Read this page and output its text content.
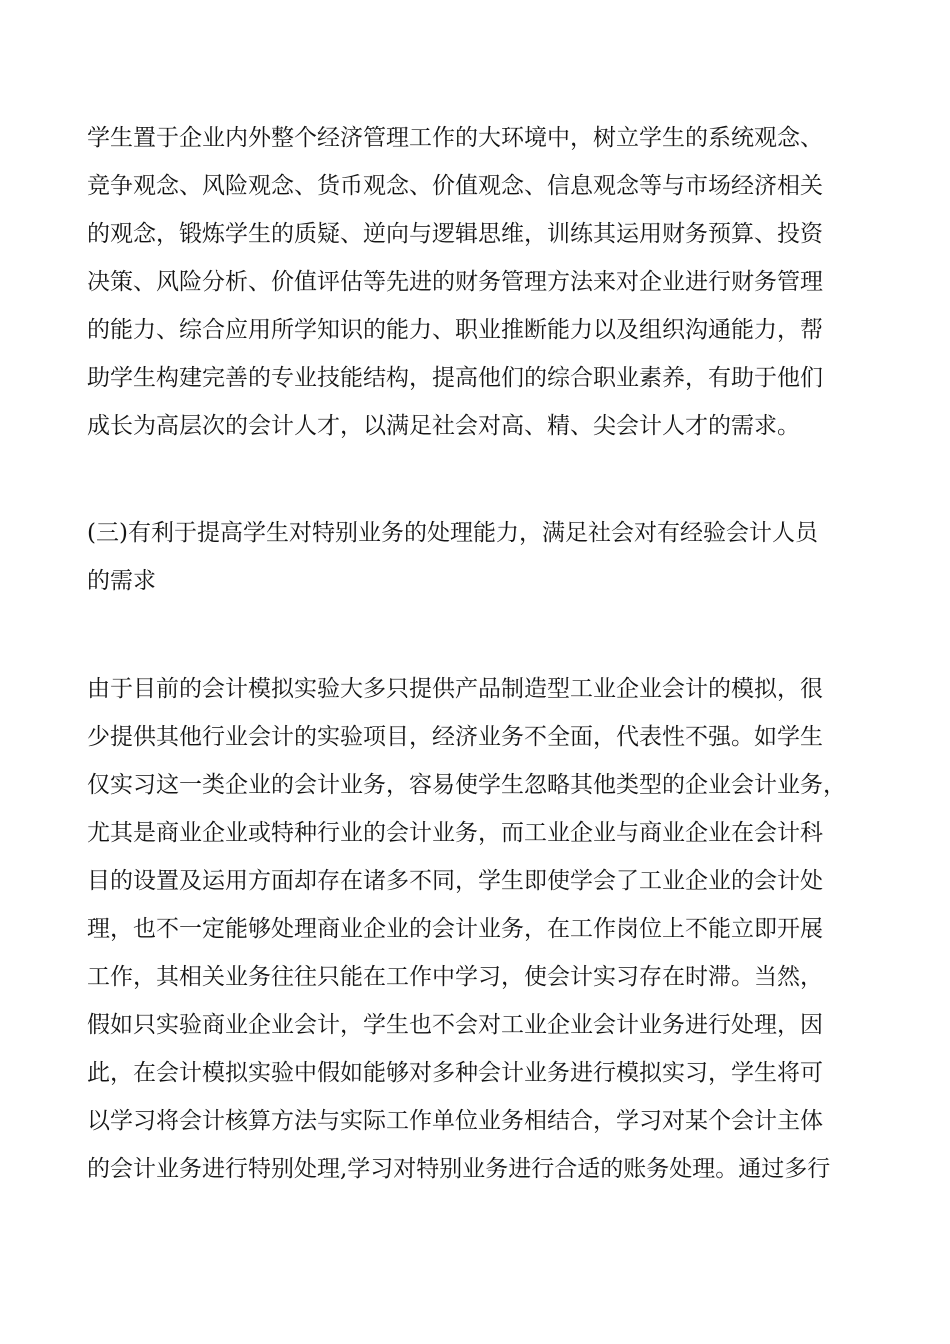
学生置于企业内外整个经济管理工作的大环境中，树立学生的系统观念、

竞争观念、风险观念、货币观念、价值观念、信息观念等与市场经济相关

的观念，锻炼学生的质疑、逆向与逻辑思维，训练其运用财务预算、投资

决策、风险分析、价值评估等先进的财务管理方法来对企业进行财务管理

的能力、综合应用所学知识的能力、职业推断能力以及组织沟通能力，帮

助学生构建完善的专业技能结构，提高他们的综合职业素养，有助于他们

成长为高层次的会计人才，以满足社会对高、精、尖会计人才的需求。

(三)有利于提高学生对特别业务的处理能力，满足社会对有经验会计人员

的需求

由于目前的会计模拟实验大多只提供产品制造型工业企业会计的模拟，很

少提供其他行业会计的实验项目，经济业务不全面，代表性不强。如学生

仅实习这一类企业的会计业务，容易使学生忽略其他类型的企业会计业务，

尤其是商业企业或特种行业的会计业务，而工业企业与商业企业在会计科

目的设置及运用方面却存在诸多不同，学生即使学会了工业企业的会计处

理，也不一定能够处理商业企业的会计业务，在工作岗位上不能立即开展

工作，其相关业务往往只能在工作中学习，使会计实习存在时滞。当然，

假如只实验商业企业会计，学生也不会对工业企业会计业务进行处理，因

此，在会计模拟实验中假如能够对多种会计业务进行模拟实习，学生将可

以学习将会计核算方法与实际工作单位业务相结合，学习对某个会计主体

的会计业务进行特别处理,学习对特别业务进行合适的账务处理。通过多行
